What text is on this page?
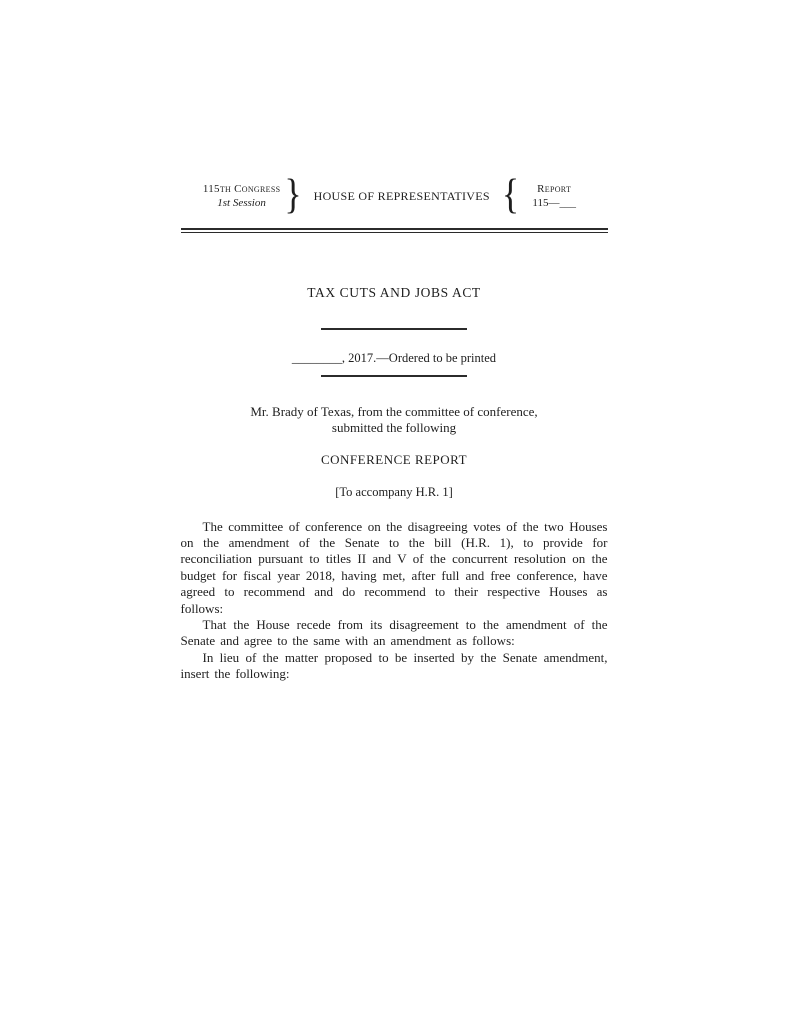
115th Congress
1st Session }	HOUSE OF REPRESENTATIVES {	Report
115—___
TAX CUTS AND JOBS ACT
________, 2017.—Ordered to be printed
Mr. Brady of Texas, from the committee of conference,
submitted the following
CONFERENCE REPORT
[To accompany H.R. 1]

The committee of conference on the disagreeing votes of the two Houses on the amendment of the Senate to the bill (H.R. 1), to provide for reconciliation pursuant to titles II and V of the concurrent resolution on the budget for fiscal year 2018, having met, after full and free conference, have agreed to recommend and do recommend to their respective Houses as follows:

That the House recede from its disagreement to the amendment of the Senate and agree to the same with an amendment as follows:

In lieu of the matter proposed to be inserted by the Senate amendment, insert the following:
